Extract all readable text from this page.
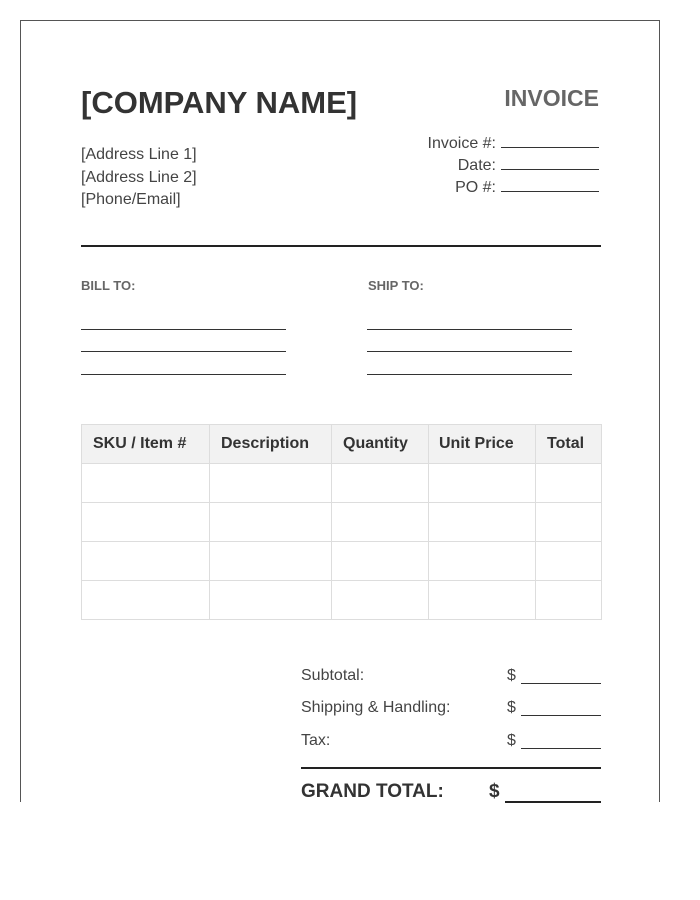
[COMPANY NAME]	INVOICE
[Address Line 1]
[Address Line 2]
[Phone/Email]
Invoice #:
Date:
PO #:
BILL TO:	SHIP TO:
SKU / Item #	Description	Quantity	Unit Price	Total

Subtotal:	$
Shipping & Handling:	$
Tax:	$
GRAND TOTAL: $
